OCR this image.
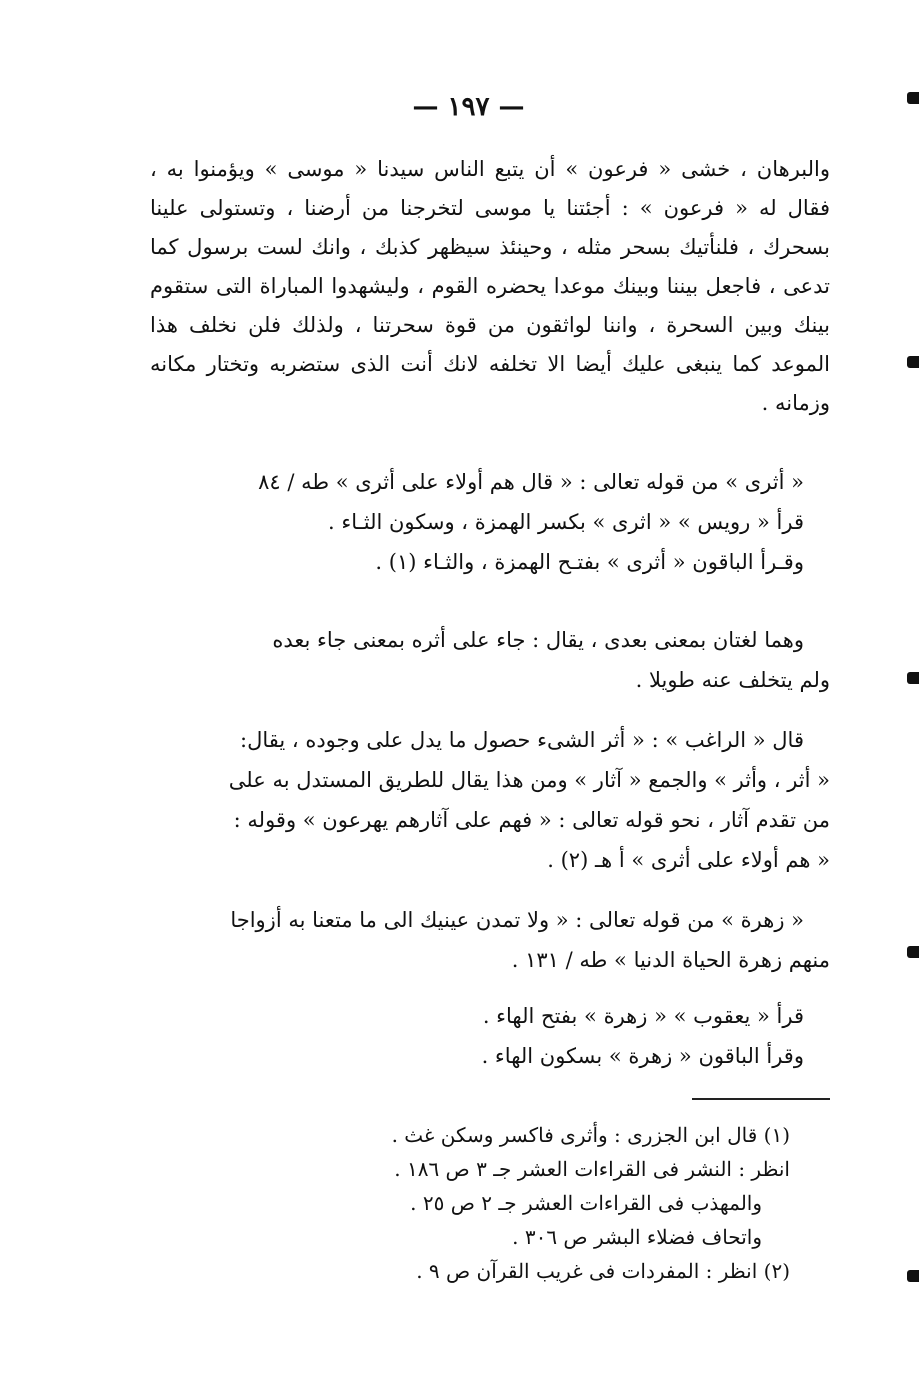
— ١٩٧ —
والبرهان ، خشى « فرعون » أن يتبع الناس سيدنا « موسى » ويؤمنوا به ، فقال له « فرعون » : أجئتنا يا موسى لتخرجنا من أرضنا ، وتستولى علينا بسحرك ، فلنأتيك بسحر مثله ، وحينئذ سيظهر كذبك ، وانك لست برسول كما تدعى ، فاجعل بيننا وبينك موعدا يحضره القوم ، وليشهدوا المباراة التى ستقوم بينك وبين السحرة ، واننا لواثقون من قوة سحرتنا ، ولذلك فلن نخلف هذا الموعد كما ينبغى عليك أيضا الا تخلفه لانك أنت الذى ستضربه وتختار مكانه وزمانه .
« أثرى » من قوله تعالى : « قال هم أولاء على أثرى » طه / ٨٤
قرأ « رويس » « اثرى » بكسر الهمزة ، وسكون الثـاء .
وقـرأ الباقون « أثرى » بفتـح الهمزة ، والثـاء (١) .
وهما لغتان بمعنى بعدى ، يقال : جاء على أثره بمعنى جاء بعده
ولم يتخلف عنه طويلا .
قال « الراغب » : « أثر الشىء حصول ما يدل على وجوده ، يقال:
« أثر ، وأثر » والجمع « آثار » ومن هذا يقال للطريق المستدل به على
من تقدم آثار ، نحو قوله تعالى : « فهم على آثارهم يهرعون » وقوله :
« هم أولاء على أثرى » أ هـ (٢) .
« زهرة » من قوله تعالى : « ولا تمدن عينيك الى ما متعنا به أزواجا
منهم زهرة الحياة الدنيا » طه / ١٣١ .
قرأ « يعقوب » « زهرة » بفتح الهاء .
وقرأ الباقون « زهرة » بسكون الهاء .
(١) قال ابن الجزرى : وأثرى فاكسر وسكن غث .
انظر : النشر فى القراءات العشر جـ ٣ ص ١٨٦ .
والمهذب فى القراءات العشر جـ ٢ ص ٢٥ .
واتحاف فضلاء البشر ص ٣٠٦ .
(٢) انظر : المفردات فى غريب القرآن ص ٩ .
